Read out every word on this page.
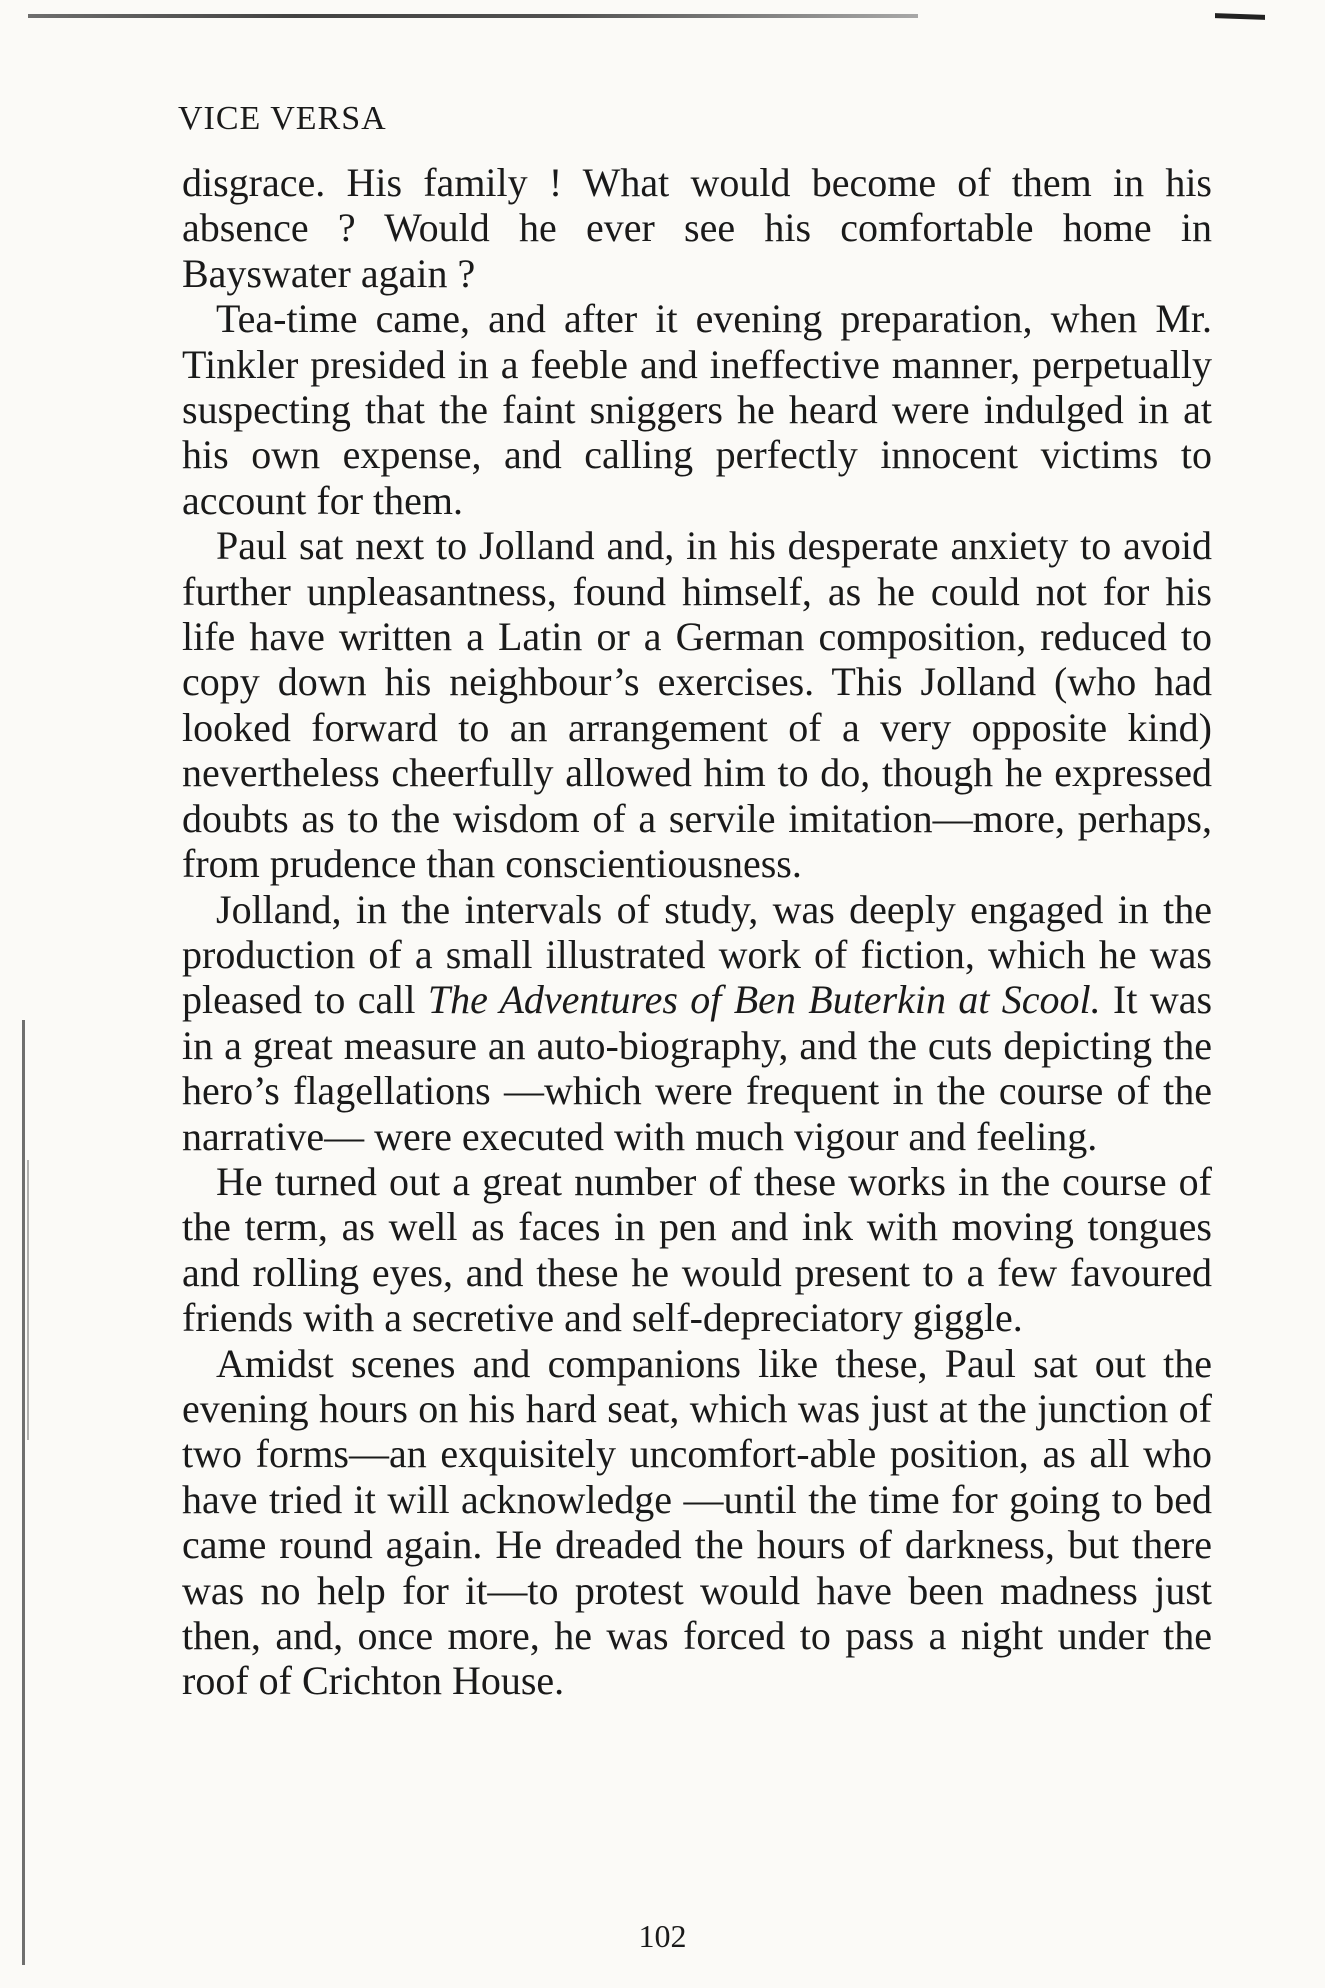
VICE VERSA

disgrace. His family ! What would become of them in his absence ? Would he ever see his comfortable home in Bayswater again ?

Tea-time came, and after it evening preparation, when Mr. Tinkler presided in a feeble and ineffective manner, perpetually suspecting that the faint sniggers he heard were indulged in at his own expense, and calling perfectly innocent victims to account for them.

Paul sat next to Jolland and, in his desperate anxiety to avoid further unpleasantness, found himself, as he could not for his life have written a Latin or a German composition, reduced to copy down his neighbour’s exercises. This Jolland (who had looked forward to an arrangement of a very opposite kind) nevertheless cheerfully allowed him to do, though he expressed doubts as to the wisdom of a servile imitation—more, perhaps, from prudence than conscientiousness.

Jolland, in the intervals of study, was deeply engaged in the production of a small illustrated work of fiction, which he was pleased to call The Adventures of Ben Buterkin at Scool. It was in a great measure an auto-biography, and the cuts depicting the hero’s flagellations —which were frequent in the course of the narrative— were executed with much vigour and feeling.

He turned out a great number of these works in the course of the term, as well as faces in pen and ink with moving tongues and rolling eyes, and these he would present to a few favoured friends with a secretive and self-depreciatory giggle.

Amidst scenes and companions like these, Paul sat out the evening hours on his hard seat, which was just at the junction of two forms—an exquisitely uncomfort-able position, as all who have tried it will acknowledge —until the time for going to bed came round again. He dreaded the hours of darkness, but there was no help for it—to protest would have been madness just then, and, once more, he was forced to pass a night under the roof of Crichton House.

102
